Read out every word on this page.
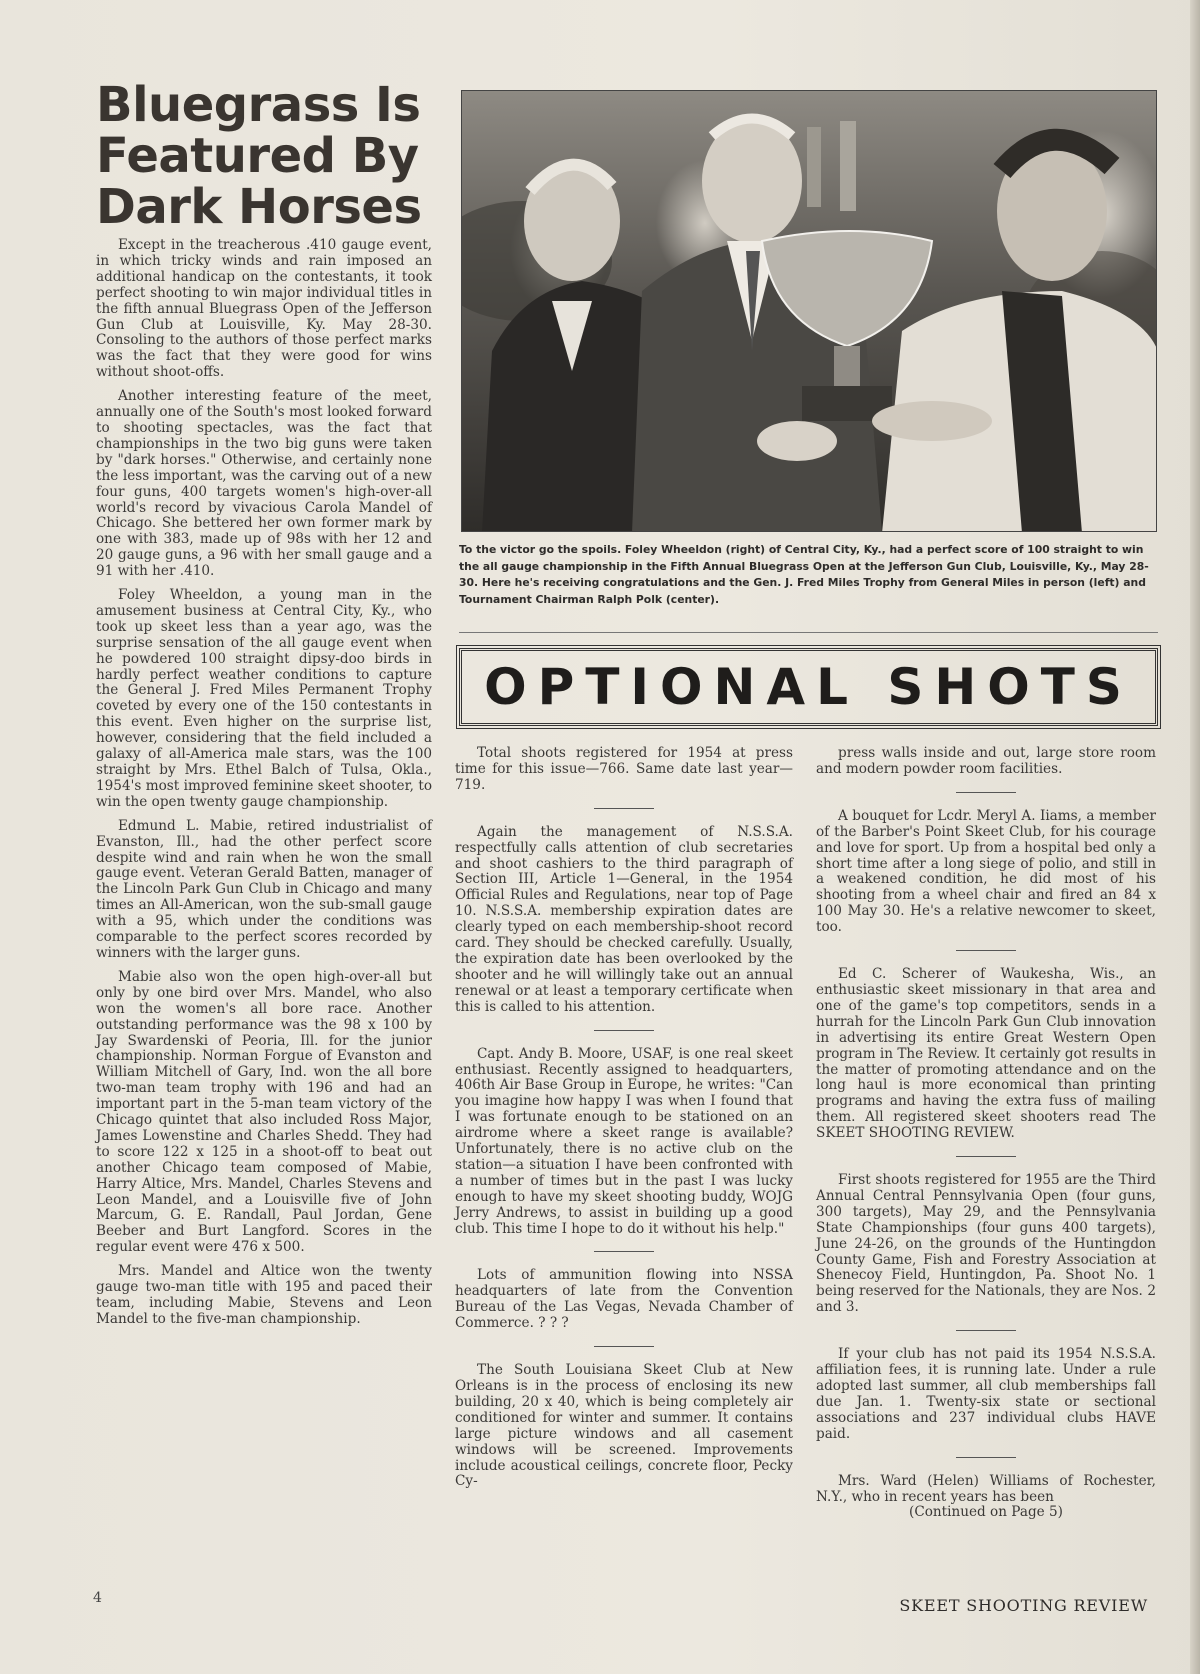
Bluegrass Is Featured By Dark Horses

Except in the treacherous .410 gauge event, in which tricky winds and rain imposed an additional handicap on the contestants, it took perfect shooting to win major individual titles in the fifth annual Bluegrass Open of the Jefferson Gun Club at Louisville, Ky. May 28-30. Consoling to the authors of those perfect marks was the fact that they were good for wins without shoot-offs.

Another interesting feature of the meet, annually one of the South's most looked forward to shooting spectacles, was the fact that championships in the two big guns were taken by "dark horses." Otherwise, and certainly none the less important, was the carving out of a new four guns, 400 targets women's high-over-all world's record by vivacious Carola Mandel of Chicago. She bettered her own former mark by one with 383, made up of 98s with her 12 and 20 gauge guns, a 96 with her small gauge and a 91 with her .410.

Foley Wheeldon, a young man in the amusement business at Central City, Ky., who took up skeet less than a year ago, was the surprise sensation of the all gauge event when he powdered 100 straight dipsy-doo birds in hardly perfect weather conditions to capture the General J. Fred Miles Permanent Trophy coveted by every one of the 150 contestants in this event. Even higher on the surprise list, however, considering that the field included a galaxy of all-America male stars, was the 100 straight by Mrs. Ethel Balch of Tulsa, Okla., 1954's most improved feminine skeet shooter, to win the open twenty gauge championship.

Edmund L. Mabie, retired industrialist of Evanston, Ill., had the other perfect score despite wind and rain when he won the small gauge event. Veteran Gerald Batten, manager of the Lincoln Park Gun Club in Chicago and many times an All-American, won the sub-small gauge with a 95, which under the conditions was comparable to the perfect scores recorded by winners with the larger guns.

Mabie also won the open high-over-all but only by one bird over Mrs. Mandel, who also won the women's all bore race. Another outstanding performance was the 98 x 100 by Jay Swardenski of Peoria, Ill. for the junior championship. Norman Forgue of Evanston and William Mitchell of Gary, Ind. won the all bore two-man team trophy with 196 and had an important part in the 5-man team victory of the Chicago quintet that also included Ross Major, James Lowenstine and Charles Shedd. They had to score 122 x 125 in a shoot-off to beat out another Chicago team composed of Mabie, Harry Altice, Mrs. Mandel, Charles Stevens and Leon Mandel, and a Louisville five of John Marcum, G. E. Randall, Paul Jordan, Gene Beeber and Burt Langford. Scores in the regular event were 476 x 500.

Mrs. Mandel and Altice won the twenty gauge two-man title with 195 and paced their team, including Mabie, Stevens and Leon Mandel to the five-man championship.

To the victor go the spoils. Foley Wheeldon (right) of Central City, Ky., had a perfect score of 100 straight to win the all gauge championship in the Fifth Annual Bluegrass Open at the Jefferson Gun Club, Louisville, Ky., May 28-30. Here he's receiving congratulations and the Gen. J. Fred Miles Trophy from General Miles in person (left) and Tournament Chairman Ralph Polk (center).
OPTIONAL SHOTS

Total shoots registered for 1954 at press time for this issue—766. Same date last year—719.

Again the management of N.S.S.A. respectfully calls attention of club secretaries and shoot cashiers to the third paragraph of Section III, Article 1—General, in the 1954 Official Rules and Regulations, near top of Page 10. N.S.S.A. membership expiration dates are clearly typed on each membership-shoot record card. They should be checked carefully. Usually, the expiration date has been overlooked by the shooter and he will willingly take out an annual renewal or at least a temporary certificate when this is called to his attention.

Capt. Andy B. Moore, USAF, is one real skeet enthusiast. Recently assigned to headquarters, 406th Air Base Group in Europe, he writes: "Can you imagine how happy I was when I found that I was fortunate enough to be stationed on an airdrome where a skeet range is available? Unfortunately, there is no active club on the station—a situation I have been confronted with a number of times but in the past I was lucky enough to have my skeet shooting buddy, WOJG Jerry Andrews, to assist in building up a good club. This time I hope to do it without his help."

Lots of ammunition flowing into NSSA headquarters of late from the Convention Bureau of the Las Vegas, Nevada Chamber of Commerce. ? ? ?

The South Louisiana Skeet Club at New Orleans is in the process of enclosing its new building, 20 x 40, which is being completely air conditioned for winter and summer. It contains large picture windows and all casement windows will be screened. Improvements include acoustical ceilings, concrete floor, Pecky Cy-

press walls inside and out, large store room and modern powder room facilities.

A bouquet for Lcdr. Meryl A. Iiams, a member of the Barber's Point Skeet Club, for his courage and love for sport. Up from a hospital bed only a short time after a long siege of polio, and still in a weakened condition, he did most of his shooting from a wheel chair and fired an 84 x 100 May 30. He's a relative newcomer to skeet, too.

Ed C. Scherer of Waukesha, Wis., an enthusiastic skeet missionary in that area and one of the game's top competitors, sends in a hurrah for the Lincoln Park Gun Club innovation in advertising its entire Great Western Open program in The Review. It certainly got results in the matter of promoting attendance and on the long haul is more economical than printing programs and having the extra fuss of mailing them. All registered skeet shooters read The SKEET SHOOTING REVIEW.

First shoots registered for 1955 are the Third Annual Central Pennsylvania Open (four guns, 300 targets), May 29, and the Pennsylvania State Championships (four guns 400 targets), June 24-26, on the grounds of the Huntingdon County Game, Fish and Forestry Association at Shenecoy Field, Huntingdon, Pa. Shoot No. 1 being reserved for the Nationals, they are Nos. 2 and 3.

If your club has not paid its 1954 N.S.S.A. affiliation fees, it is running late. Under a rule adopted last summer, all club memberships fall due Jan. 1. Twenty-six state or sectional associations and 237 individual clubs HAVE paid.

Mrs. Ward (Helen) Williams of Rochester, N.Y., who in recent years has been

(Continued on Page 5)

4	SKEET SHOOTING REVIEW
